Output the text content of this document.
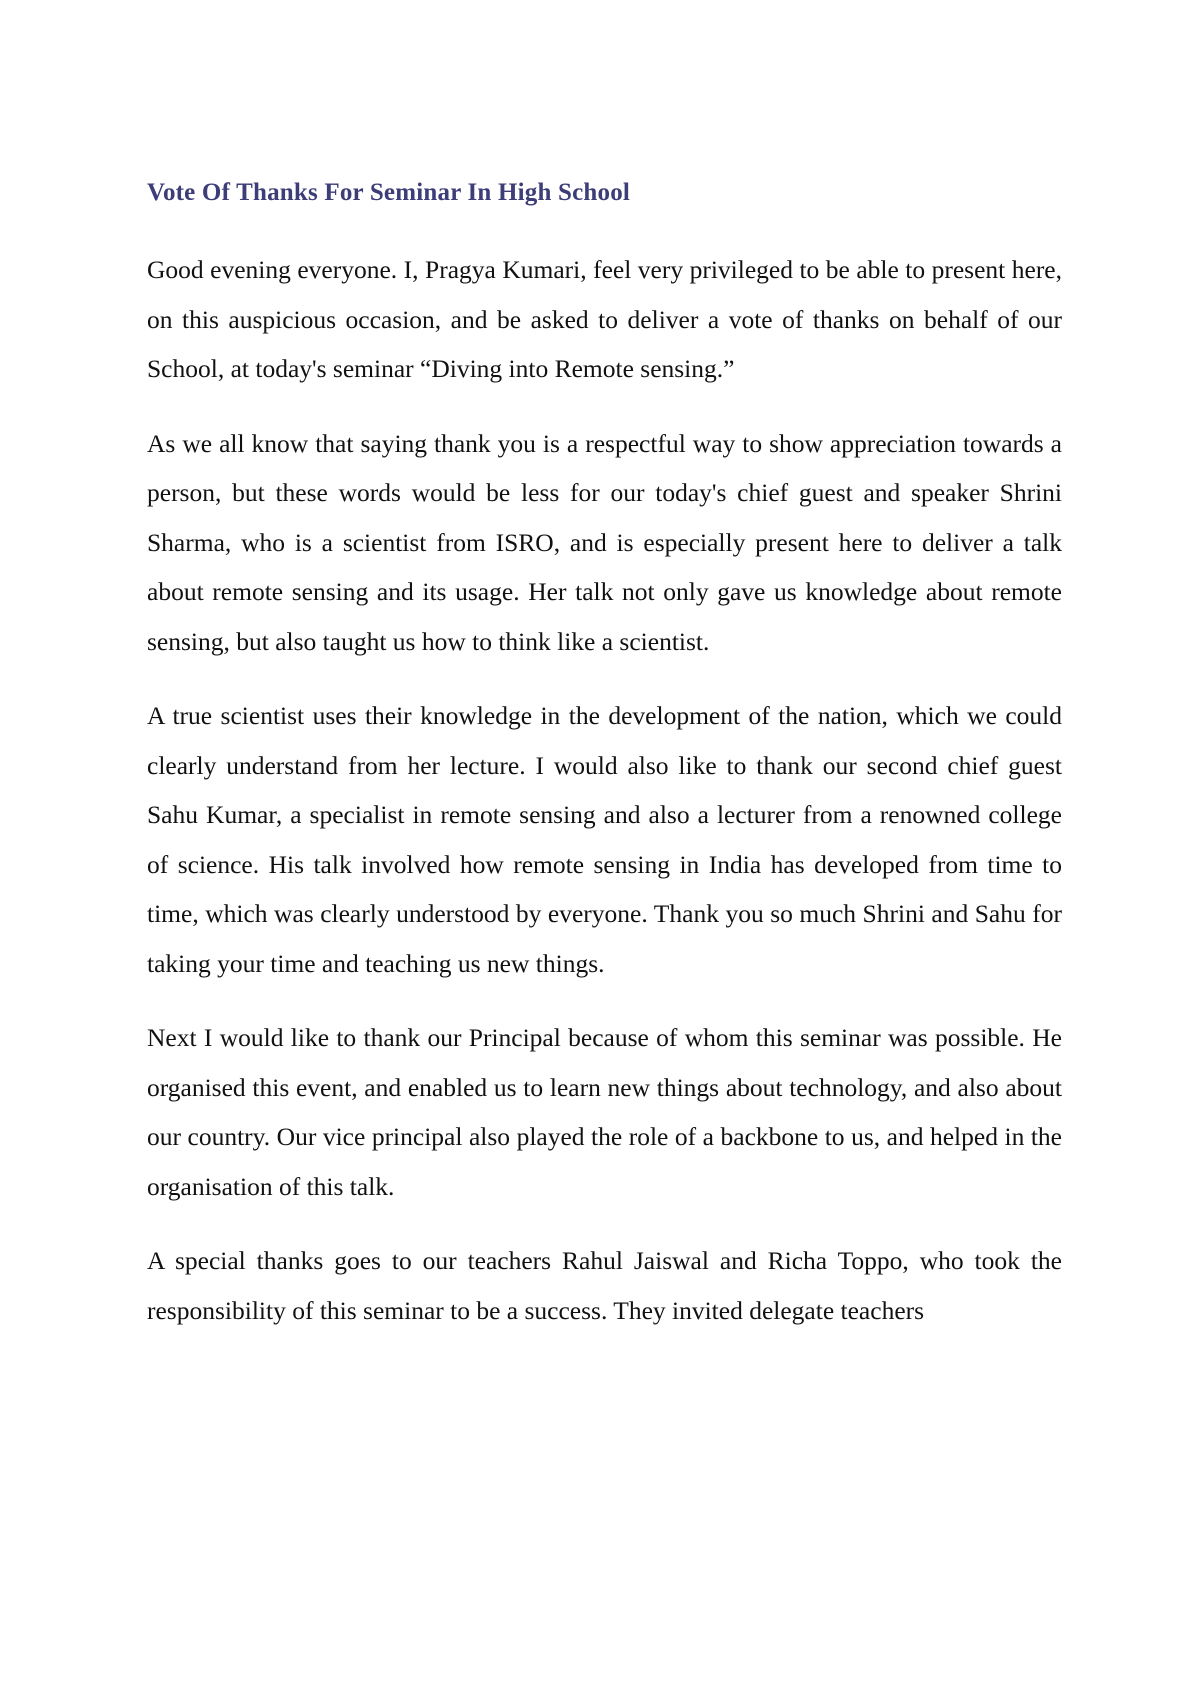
Vote Of Thanks For Seminar In High School

Good evening everyone. I, Pragya Kumari, feel very privileged to be able to present here, on this auspicious occasion, and be asked to deliver a vote of thanks on behalf of our School, at today's seminar “Diving into Remote sensing.”

As we all know that saying thank you is a respectful way to show appreciation towards a person, but these words would be less for our today's chief guest and speaker Shrini Sharma, who is a scientist from ISRO, and is especially present here to deliver a talk about remote sensing and its usage. Her talk not only gave us knowledge about remote sensing, but also taught us how to think like a scientist.

A true scientist uses their knowledge in the development of the nation, which we could clearly understand from her lecture. I would also like to thank our second chief guest Sahu Kumar, a specialist in remote sensing and also a lecturer from a renowned college of science. His talk involved how remote sensing in India has developed from time to time, which was clearly understood by everyone. Thank you so much Shrini and Sahu for taking your time and teaching us new things.

Next I would like to thank our Principal because of whom this seminar was possible. He organised this event, and enabled us to learn new things about technology, and also about our country. Our vice principal also played the role of a backbone to us, and helped in the organisation of this talk.

A special thanks goes to our teachers Rahul Jaiswal and Richa Toppo, who took the responsibility of this seminar to be a success. They invited delegate teachers
